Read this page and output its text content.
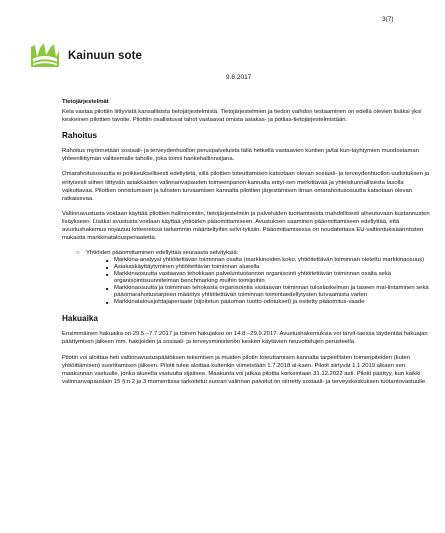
3(7)
Kainuun sote
9.6.2017

Tietojärjestelmät

Kela vastaa pilottiin liittyvistä kansallisista tietojärjestelmistä. Tietojärjestelmien ja tiedon vaihdon testaaminen on edellä olevien lisäksi yksi keskeinen pilottien tavoite. Pilottiin osallistuvat tahot vastaavat omista asiakas- ja potilas-tietojärjestelmistään.

Rahoitus

Rahoitus myönnetään sosiaali- ja terveydenhuollon peruspalveluista tällä hetkellä vastaavien kuntien ja/tai kun-tayhtymien muodostaman yhteenliittymän valitsemalle taholle, joka toimii hankehallinnoijana.

Omarahoitusosuutta ei poikkeuksellisesti edellytetä, sillä pilottien toteuttamisen katsotaan olevan sosiaali- ja terveydenhuollon uudistuksen ja erityisesti siihen liittyvän asiakkaiden valinnanvapauden toimeenpanon kannalta erityi-sen merkittävää ja yhteiskunnallisesta tasolla vaikuttavaa. Pilottien onnistumisen ja tulosten turvaamisen kannalta pilottien järjestämisen ilman omarahoitusosuutta katsotaan olevan ratkaisevaa.

Valtionavustusta voidaan käyttää pilottien hallinnointiin, tietojärjestelmiin ja palveluiden tuottamisesta mahdollisesti aiheutuvaan kustannusten lisäykseen. Lisäksi avustusta voidaan käyttää yhtiöiden pääomittamiseen. Avustuksen saaminen pääomittamiseen edellyttää, että avustushakemus nojautuu kriteereissä tarkemmin määriteltyihin selvi-tyksiin. Pääomittamisessa on noudatettava EU-valtiontukisäännösten mukaista markkinatalousperiaatetta.

○	Yhtiöiden pääomittaminen edellyttää seuraavia selvityksiä:
■ Markkina-analyysi yhtiöitettävän toiminnan osalta (markkinoiden koko, yhtiöitettävän toiminnan oletettu markkinaosuus)
■ Asiakaskäyttäytyminen yhtiöitettävän toiminnan alueella
■ Markkinaosuutta vastaavan tehokkaan palveluntuotannon organisointi yhtiöitettävän toiminnan osalta sekä organisointisuunnitelman benchmarking muihin toimijoihin
■ Markkinaosuutta ja toiminnan tehokasta organisointia vastaavan toiminnan tuloslaskelman ja taseen mal-lintaminen sekä pääomarahoitustarpeen määritys yhtiöitettävän toiminnan toimintaedellytysten turvaamista varten
■ Markkinatalousjohtajaperiaate (sijoitetun pääoman tuotto-odotukset) ja esitetty pääomitus-vaade

Hakuaika

Ensimmäinen hakuaika on 29.5.–7.7.2017 ja toinen hakujakso on 14.8.–29.9.2017. Avustushakemuksia voi tarvit-taessa täydentää hakuajan päättymisen jälkeen mm. hakijoiden ja sosiaali- ja terveysministeriön kesken käytävien neuvottelujen perusteella.

Pilotin voi aloittaa heti valtionavustuspäätöksen tekemisen ja muiden pilotin toteuttamisen kannalta tarpeellisten toimenpiteiden (kuten yhtiöittämisen) suorittamisen jälkeen. Pilotit tulee aloittaa kuitenkin viimeistään 1.7.2018 al-kaen. Pilotit siirtyvät 1.1.2019 alkaen sen maakunnan vastuulle, jonka alueella vastuulta sijaitsee. Maakunta voi jatkaa pilottia korkeintaan 31.12.2022 asti. Pilotit päättyy, kun kaikki valinnanvapauslain 15 §:n 2 ja 3 momentissa tarkoitetut suoran valinnan palvelut on siirretty sosiaali- ja terveyskeskuksen tuotantovastuulle.
